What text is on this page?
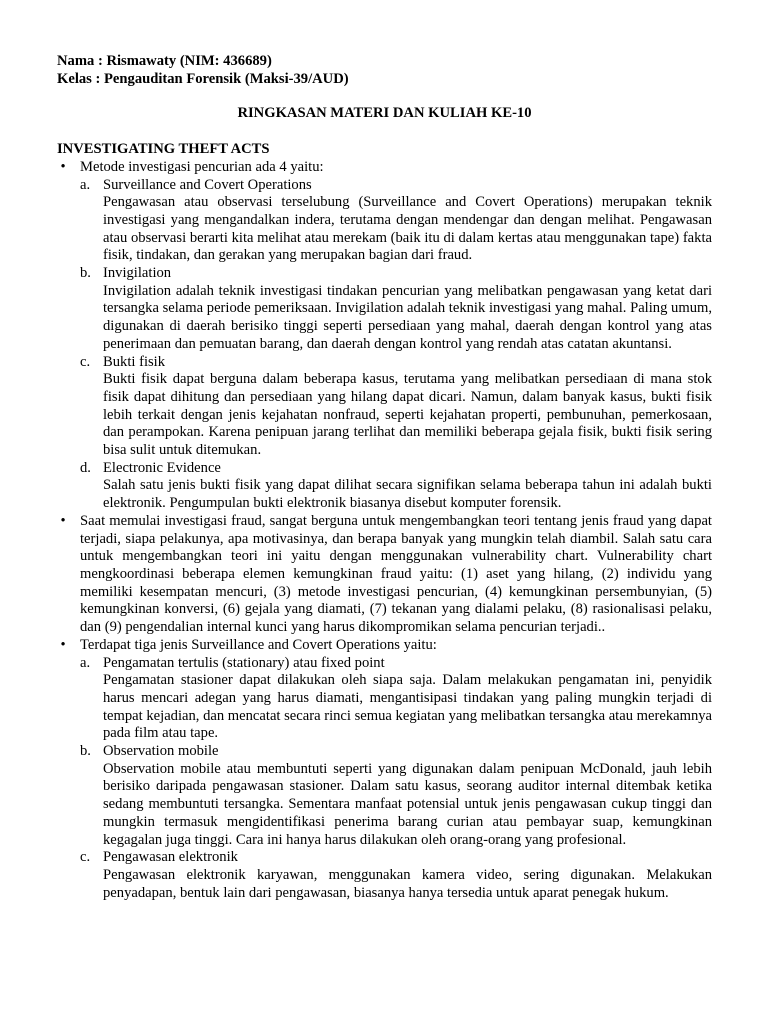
Nama : Rismawaty (NIM: 436689)
Kelas : Pengauditan Forensik (Maksi-39/AUD)
RINGKASAN MATERI DAN KULIAH KE-10
INVESTIGATING THEFT ACTS
• Metode investigasi pencurian ada 4 yaitu:
a. Surveillance and Covert Operations
Pengawasan atau observasi terselubung (Surveillance and Covert Operations) merupakan teknik investigasi yang mengandalkan indera, terutama dengan mendengar dan dengan melihat. Pengawasan atau observasi berarti kita melihat atau merekam (baik itu di dalam kertas atau menggunakan tape) fakta fisik, tindakan, dan gerakan yang merupakan bagian dari fraud.
b. Invigilation
Invigilation adalah teknik investigasi tindakan pencurian yang melibatkan pengawasan yang ketat dari tersangka selama periode pemeriksaan. Invigilation adalah teknik investigasi yang mahal. Paling umum, digunakan di daerah berisiko tinggi seperti persediaan yang mahal, daerah dengan kontrol yang atas penerimaan dan pemuatan barang, dan daerah dengan kontrol yang rendah atas catatan akuntansi.
c. Bukti fisik
Bukti fisik dapat berguna dalam beberapa kasus, terutama yang melibatkan persediaan di mana stok fisik dapat dihitung dan persediaan yang hilang dapat dicari. Namun, dalam banyak kasus, bukti fisik lebih terkait dengan jenis kejahatan nonfraud, seperti kejahatan properti, pembunuhan, pemerkosaan, dan perampokan. Karena penipuan jarang terlihat dan memiliki beberapa gejala fisik, bukti fisik sering bisa sulit untuk ditemukan.
d. Electronic Evidence
Salah satu jenis bukti fisik yang dapat dilihat secara signifikan selama beberapa tahun ini adalah bukti elektronik. Pengumpulan bukti elektronik biasanya disebut komputer forensik.
• Saat memulai investigasi fraud, sangat berguna untuk mengembangkan teori tentang jenis fraud yang dapat terjadi, siapa pelakunya, apa motivasinya, dan berapa banyak yang mungkin telah diambil. Salah satu cara untuk mengembangkan teori ini yaitu dengan menggunakan vulnerability chart. Vulnerability chart mengkoordinasi beberapa elemen kemungkinan fraud yaitu: (1) aset yang hilang, (2) individu yang memiliki kesempatan mencuri, (3) metode investigasi pencurian, (4) kemungkinan persembunyian, (5) kemungkinan konversi, (6) gejala yang diamati, (7) tekanan yang dialami pelaku, (8) rasionalisasi pelaku, dan (9) pengendalian internal kunci yang harus dikompromikan selama pencurian terjadi..
• Terdapat tiga jenis Surveillance and Covert Operations yaitu:
a. Pengamatan tertulis (stationary) atau fixed point
Pengamatan stasioner dapat dilakukan oleh siapa saja. Dalam melakukan pengamatan ini, penyidik harus mencari adegan yang harus diamati, mengantisipasi tindakan yang paling mungkin terjadi di tempat kejadian, dan mencatat secara rinci semua kegiatan yang melibatkan tersangka atau merekamnya pada film atau tape.
b. Observation mobile
Observation mobile atau membuntuti seperti yang digunakan dalam penipuan McDonald, jauh lebih berisiko daripada pengawasan stasioner. Dalam satu kasus, seorang auditor internal ditembak ketika sedang membuntuti tersangka. Sementara manfaat potensial untuk jenis pengawasan cukup tinggi dan mungkin termasuk mengidentifikasi penerima barang curian atau pembayar suap, kemungkinan kegagalan juga tinggi. Cara ini hanya harus dilakukan oleh orang-orang yang profesional.
c. Pengawasan elektronik
Pengawasan elektronik karyawan, menggunakan kamera video, sering digunakan. Melakukan penyadapan, bentuk lain dari pengawasan, biasanya hanya tersedia untuk aparat penegak hukum.
